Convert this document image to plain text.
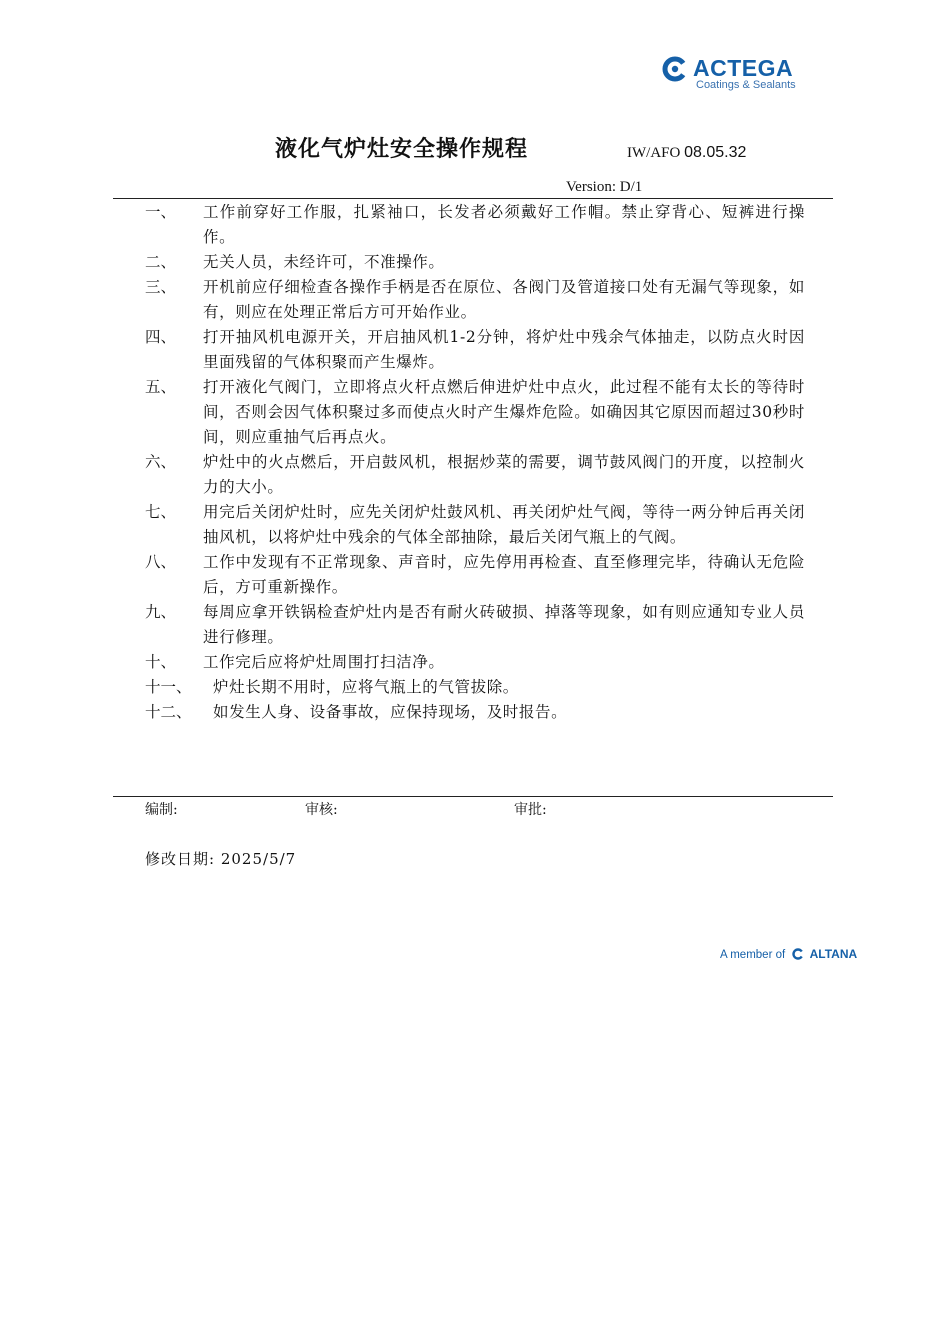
ACTEGA
Coatings & Sealants
液化气炉灶安全操作规程	IW/AFO 08.05.32
Version: D/1
一、	工作前穿好工作服，扎紧袖口，长发者必须戴好工作帽。禁止穿背心、短裤进行操作。
二、	无关人员，未经许可，不准操作。
三、	开机前应仔细检查各操作手柄是否在原位、各阀门及管道接口处有无漏气等现象，如有，则应在处理正常后方可开始作业。
四、	打开抽风机电源开关，开启抽风机1-2分钟，将炉灶中残余气体抽走，以防点火时因里面残留的气体积聚而产生爆炸。
五、	打开液化气阀门，立即将点火杆点燃后伸进炉灶中点火，此过程不能有太长的等待时间，否则会因气体积聚过多而使点火时产生爆炸危险。如确因其它原因而超过30秒时间，则应重抽气后再点火。
六、	炉灶中的火点燃后，开启鼓风机，根据炒菜的需要，调节鼓风阀门的开度，以控制火力的大小。
七、	用完后关闭炉灶时，应先关闭炉灶鼓风机、再关闭炉灶气阀，等待一两分钟后再关闭抽风机，以将炉灶中残余的气体全部抽除，最后关闭气瓶上的气阀。
八、	工作中发现有不正常现象、声音时，应先停用再检查、直至修理完毕，待确认无危险后，方可重新操作。
九、	每周应拿开铁锅检查炉灶内是否有耐火砖破损、掉落等现象，如有则应通知专业人员进行修理。
十、	工作完后应将炉灶周围打扫洁净。
十一、	炉灶长期不用时，应将气瓶上的气管拔除。
十二、	如发生人身、设备事故，应保持现场，及时报告。
编制:	审核:	审批:
修改日期: 2025/5/7
A member of ALTANA
